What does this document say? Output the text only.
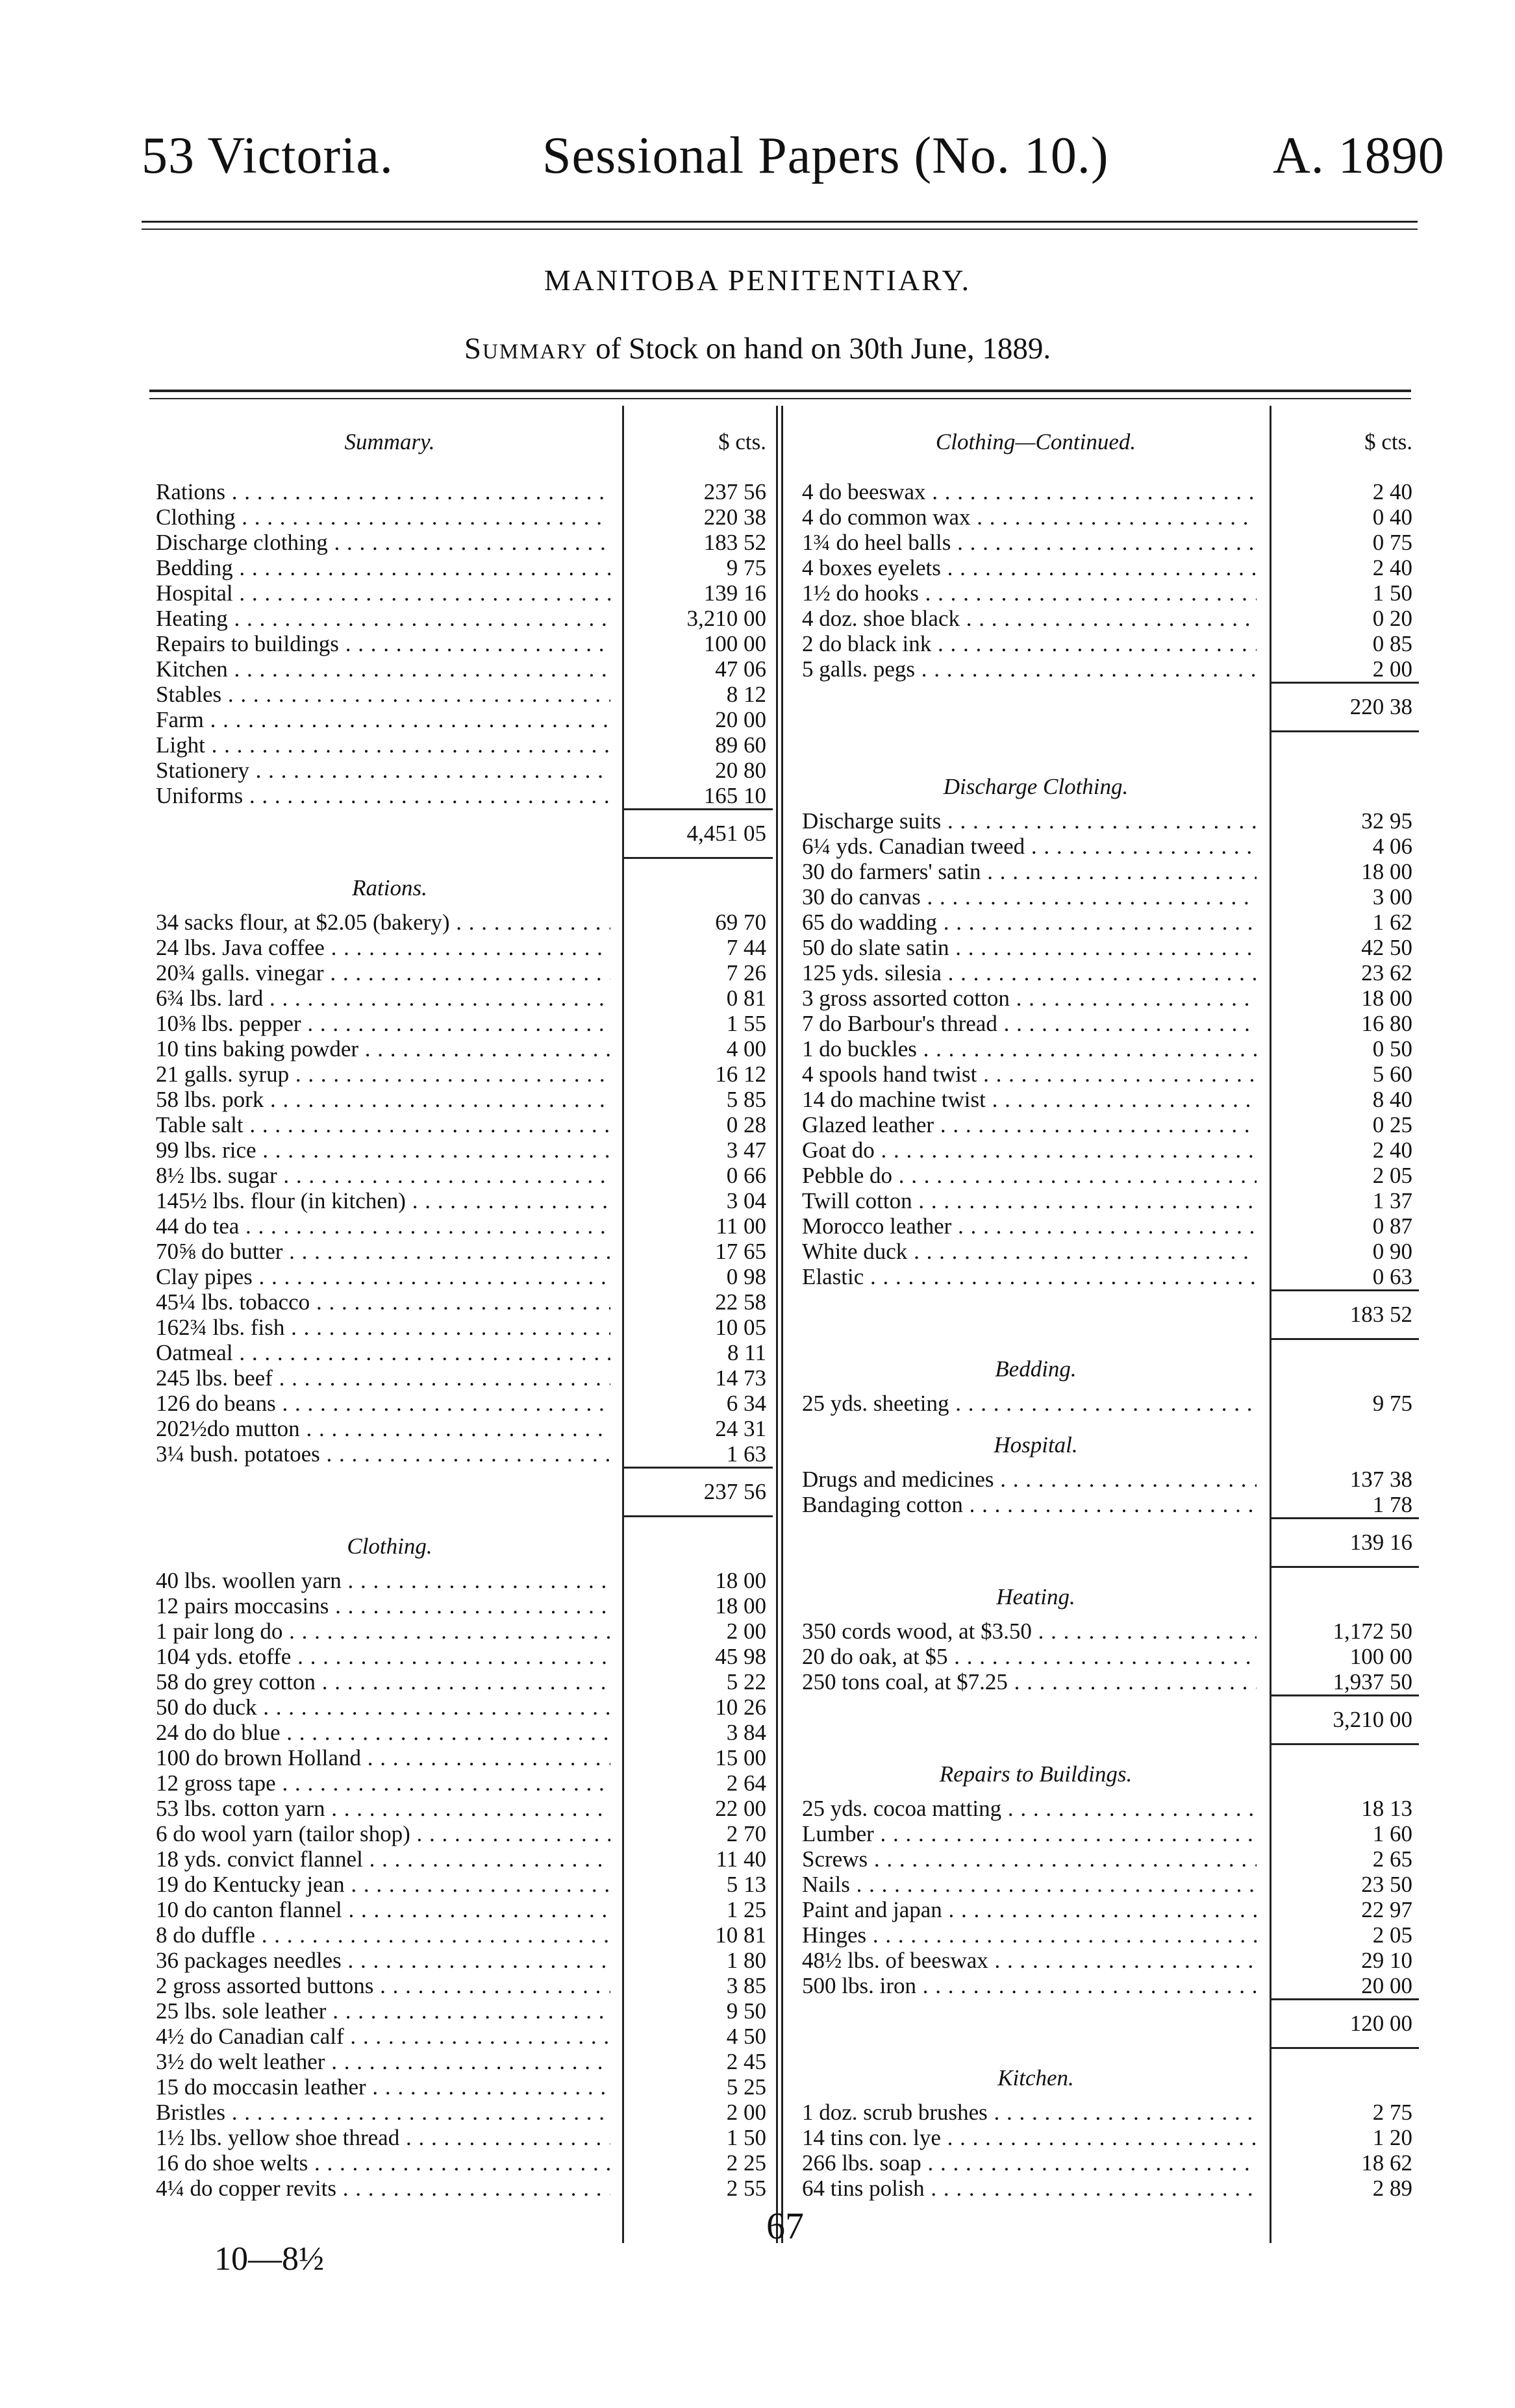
53 Victoria.	Sessional Papers (No. 10.)	A. 1890
MANITOBA PENITENTIARY.
Summary of Stock on hand on 30th June, 1889.
Summary.	$ cts.
Rations . . .	237 56
Clothing . . .	220 38
Discharge clothing . . .	183 52
Bedding . . .	9 75
Hospital . . .	139 16
Heating . . .	3,210 00
Repairs to buildings . . .	100 00
Kitchen . . .	47 06
Stables . . .	8 12
Farm . . .	20 00
Light . . .	89 60
Stationery . . .	20 80
Uniforms . . .	165 10
4,451 05
Rations.
34 sacks flour, at $2.05 (bakery) . . .	69 70
24 lbs. Java coffee . . .	7 44
20¾ galls. vinegar . . .	7 26
6¾ lbs. lard . . .	0 81
10⅜ lbs. pepper . . .	1 55
10 tins baking powder . . .	4 00
21 galls. syrup . . .	16 12
58 lbs. pork . . .	5 85
Table salt . . .	0 28
99 lbs. rice . . .	3 47
8½ lbs. sugar . . .	0 66
145½ lbs. flour (in kitchen) . . .	3 04
44 do tea . . .	11 00
70⅝ do butter . . .	17 65
Clay pipes . . .	0 98
45¼ lbs. tobacco . . .	22 58
162¾ lbs. fish . . .	10 05
Oatmeal . . .	8 11
245 lbs. beef . . .	14 73
126 do beans . . .	6 34
202½do mutton . . .	24 31
3¼ bush. potatoes . . .	1 63
237 56
Clothing.
40 lbs. woollen yarn . . .	18 00
12 pairs moccasins . . .	18 00
1 pair long do . . .	2 00
104 yds. etoffe . . .	45 98
58 do grey cotton . . .	5 22
50 do duck . . .	10 26
24 do do blue . . .	3 84
100 do brown Holland . . .	15 00
12 gross tape . . .	2 64
53 lbs. cotton yarn . . .	22 00
6 do wool yarn (tailor shop) . . .	2 70
18 yds. convict flannel . . .	11 40
19 do Kentucky jean . . .	5 13
10 do canton flannel . . .	1 25
8 do duffle . . .	10 81
36 packages needles . . .	1 80
2 gross assorted buttons . . .	3 85
25 lbs. sole leather . . .	9 50
4½ do Canadian calf . . .	4 50
3½ do welt leather . . .	2 45
15 do moccasin leather . . .	5 25
Bristles . . .	2 00
1½ lbs. yellow shoe thread . . .	1 50
16 do shoe welts . . .	2 25
4¼ do copper revits . . .	2 55
Clothing—Continued.	$ cts.
4 do beeswax . . .	2 40
4 do common wax . . .	0 40
1¾ do heel balls . . .	0 75
4 boxes eyelets . . .	2 40
1½ do hooks . . .	1 50
4 doz. shoe black . . .	0 20
2 do black ink . . .	0 85
5 galls. pegs . . .	2 00
220 38
Discharge Clothing.
Discharge suits . . .	32 95
6¼ yds. Canadian tweed . . .	4 06
30 do farmers' satin . . .	18 00
30 do canvas . . .	3 00
65 do wadding . . .	1 62
50 do slate satin . . .	42 50
125 yds. silesia . . .	23 62
3 gross assorted cotton . . .	18 00
7 do Barbour's thread . . .	16 80
1 do buckles . . .	0 50
4 spools hand twist . . .	5 60
14 do machine twist . . .	8 40
Glazed leather . . .	0 25
Goat do . . .	2 40
Pebble do . . .	2 05
Twill cotton . . .	1 37
Morocco leather . . .	0 87
White duck . . .	0 90
Elastic . . .	0 63
183 52
Bedding.
25 yds. sheeting . . .	9 75
Hospital.
Drugs and medicines . . .	137 38
Bandaging cotton . . .	1 78
139 16
Heating.
350 cords wood, at $3.50 . . .	1,172 50
20 do oak, at $5 . . .	100 00
250 tons coal, at $7.25 . . .	1,937 50
3,210 00
Repairs to Buildings.
25 yds. cocoa matting . . .	18 13
Lumber . . .	1 60
Screws . . .	2 65
Nails . . .	23 50
Paint and japan . . .	22 97
Hinges . . .	2 05
48½ lbs. of beeswax . . .	29 10
500 lbs. iron . . .	20 00
120 00
Kitchen.
1 doz. scrub brushes . . .	2 75
14 tins con. lye . . .	1 20
266 lbs. soap . . .	18 62
64 tins polish . . .	2 89
67
10—8½
